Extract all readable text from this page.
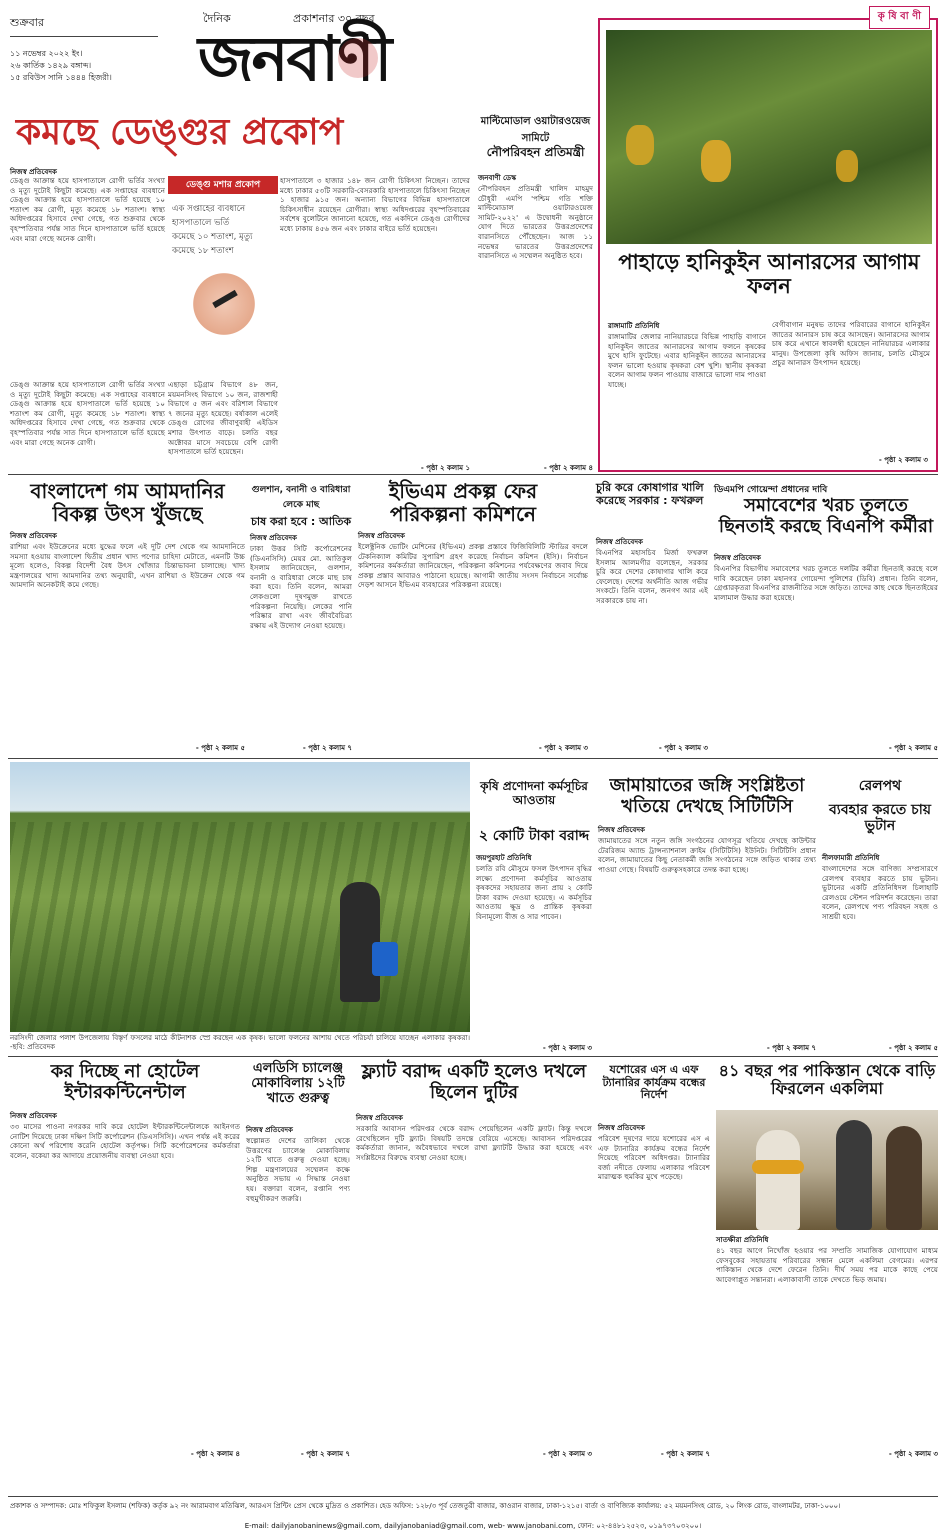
শুক্রবার
১১ নভেম্বর ২০২২ ইং।
২৬ কার্তিক ১৪২৯ বঙ্গাব্দ।
১৫ রবিউস সানি ১৪৪৪ হিজরী।
দৈনিক	প্রকাশনার ৩০ বছর
জনবাণী
কৃ ষি বা ণী
পাহাড়ে হানিকুইন আনারসের আগাম ফলন
রাঙ্গামাটি প্রতিনিধি
রাঙ্গামাটির জেলার নানিয়ারচরে বিভিন্ন পাহাড়ি বাগানে হানিকুইন জাতের আনারসের আগাম ফলনে কৃষকের মুখে হাসি ফুটেছে। এবার হানিকুইন জাতের আনারসের ফলন ভালো হওয়ায় কৃষকরা বেশ খুশি। স্থানীয় কৃষকরা বলেন আগাম ফলন পাওয়ায় বাজারে ভালো দাম পাওয়া যাচ্ছে।
বেগীবাগান মনুষভ তাদের পরিবারের বাগানে হানিকুইন জাতের আনারস চাষ করে আসছেন। আনারসের আগাম চাষ করে এখানে স্বাবলম্বী হয়েছেন নানিয়ারচর এলাকার মানুষ। উপজেলা কৃষি অফিস জানায়, চলতি মৌসুমে প্রচুর আনারস উৎপাদন হয়েছে।
- পৃষ্ঠা ২ কলাম ৩
কমছে ডেঙ্গুর প্রকোপ
নিজস্ব প্রতিবেদক
ডেঙ্গু আক্রান্ত হয়ে হাসপাতালে রোগী ভর্তির সংখ্যা ও মৃত্যু দুটোই কিছুটা কমেছে। এক সপ্তাহের ব্যবধানে ডেঙ্গু আক্রান্ত হয়ে হাসপাতালে ভর্তি হয়েছে ১০ শতাংশ কম রোগী, মৃত্যু কমেছে ১৮ শতাংশ। স্বাস্থ্য অধিদপ্তরের হিসাবে দেখা গেছে, গত শুক্রবার থেকে বৃহস্পতিবার পর্যন্ত সাত দিনে হাসপাতালে ভর্তি হয়েছে এবং মারা গেছে অনেক রোগী।
ডেঙ্গু মশার প্রকোপ
এক সপ্তাহের ব্যবধানে
হাসপাতালে ভর্তি
কমেছে ১০ শতাংশ, মৃত্যু
কমেছে ১৮ শতাংশ
হাসপাতালে ৩ হাজার ১৪৮ জন রোগী চিকিৎসা নিচ্ছেন। তাদের মধ্যে ঢাকার ৫৩টি সরকারি-বেসরকারি হাসপাতালে চিকিৎসা নিচ্ছেন ১ হাজার ৯১৫ জন। অন্যান্য বিভাগের বিভিন্ন হাসপাতালে চিকিৎসাধীন রয়েছেন রোগীরা। স্বাস্থ্য অধিদপ্তরের বৃহস্পতিবারের সর্বশেষ বুলেটিনে জানানো হয়েছে, গত একদিনে ডেঙ্গু রোগীদের মধ্যে ঢাকায় ৪৫৬ জন এবং ঢাকার বাইরে ভর্তি হয়েছেন।
এছাড়া চট্টগ্রাম বিভাগে ৪৮ জন, ময়মনসিংহ বিভাগে ১০ জন, রাজশাহী বিভাগে ৫ জন এবং বরিশাল বিভাগে ৭ জনের মৃত্যু হয়েছে। বর্ষাকাল এলেই ডেঙ্গু রোগের জীবাণুবাহী এইডিস মশার উৎপাত বাড়ে। চলতি বছর অক্টোবর মাসে সবচেয়ে বেশি রোগী হাসপাতালে ভর্তি হয়েছেন।
ডেঙ্গু আক্রান্ত হয়ে হাসপাতালে রোগী ভর্তির সংখ্যা ও মৃত্যু দুটোই কিছুটা কমেছে। এক সপ্তাহের ব্যবধানে ডেঙ্গু আক্রান্ত হয়ে হাসপাতালে ভর্তি হয়েছে ১০ শতাংশ কম রোগী, মৃত্যু কমেছে ১৮ শতাংশ। স্বাস্থ্য অধিদপ্তরের হিসাবে দেখা গেছে, গত শুক্রবার থেকে বৃহস্পতিবার পর্যন্ত সাত দিনে হাসপাতালে ভর্তি হয়েছে এবং মারা গেছে অনেক রোগী।
- পৃষ্ঠা ২ কলাম ১
মাল্টিমোডাল ওয়াটারওয়েজ সামিটে
নৌপরিবহন প্রতিমন্ত্রী
জনবাণী ডেস্ক
নৌপরিবহন প্রতিমন্ত্রী খালিদ মাহমুদ চৌধুরী এমপি 'পশ্চিম গতি শক্তি মাল্টিমোডাল ওয়াটারওয়েজ সামিট-২০২২' এ উদ্বোধনী অনুষ্ঠানে যোগ দিতে ভারতের উত্তরপ্রদেশের বারানসিতে পৌঁছেছেন। আজ ১১ নভেম্বর ভারতের উত্তরপ্রদেশের বারানসিতে এ সম্মেলন অনুষ্ঠিত হবে।
- পৃষ্ঠা ২ কলাম ৪
বাংলাদেশ গম আমদানির বিকল্প উৎস খুঁজছে
নিজস্ব প্রতিবেদক
রাশিয়া এবং ইউক্রেনের মধ্যে যুদ্ধের ফলে এই দুটি দেশ থেকে গম আমদানিতে সমস্যা হওয়ায় বাংলাদেশ দ্বিতীয় প্রধান খাদ্য পণ্যের চাহিদা মেটাতে, এমনটি উচ্চ মূল্যে হলেও, বিকল্প বিদেশী বৈধ উৎস খোঁজার চিন্তাভাবনা চালাচ্ছে। খাদ্য মন্ত্রণালয়ের খাদ্য আমদানির তথ্য অনুযায়ী, এখন রাশিয়া ও ইউক্রেন থেকে গম আমদানি অনেকটাই কমে গেছে।
- পৃষ্ঠা ২ কলাম ৫
গুলশান, বনানী ও বারিধারা লেকে মাছ
চাষ করা হবে : আতিক
নিজস্ব প্রতিবেদক
ঢাকা উত্তর সিটি কর্পোরেশনের (ডিএনসিসি) মেয়র মো. আতিকুল ইসলাম জানিয়েছেন, গুলশান, বনানী ও বারিধারা লেকে মাছ চাষ করা হবে। তিনি বলেন, আমরা লেকগুলো দূষণমুক্ত রাখতে পরিকল্পনা নিয়েছি। লেকের পানি পরিষ্কার রাখা এবং জীববৈচিত্র্য রক্ষায় এই উদ্যোগ নেওয়া হয়েছে।
- পৃষ্ঠা ২ কলাম ৭
ইভিএম প্রকল্প ফের পরিকল্পনা কমিশনে
নিজস্ব প্রতিবেদক
ইলেক্ট্রনিক ভোটিং মেশিনের (ইভিএম) প্রকল্প প্রস্তাবে ফিজিবিলিটি স্টাডির বদলে টেকনিক্যাল কমিটির সুপারিশ গ্রহণ করেছে নির্বাচন কমিশন (ইসি)। নির্বাচন কমিশনের কর্মকর্তারা জানিয়েছেন, পরিকল্পনা কমিশনের পর্যবেক্ষণের জবাব দিয়ে প্রকল্প প্রস্তাব আবারও পাঠানো হয়েছে। আগামী জাতীয় সংসদ নির্বাচনে সর্বোচ্চ দেড়শ আসনে ইভিএম ব্যবহারের পরিকল্পনা রয়েছে।
- পৃষ্ঠা ২ কলাম ৩
চুরি করে কোষাগার খালি করেছে সরকার : ফখরুল
নিজস্ব প্রতিবেদক
বিএনপির মহাসচিব মির্জা ফখরুল ইসলাম আলমগীর বলেছেন, সরকার চুরি করে দেশের কোষাগার খালি করে ফেলেছে। দেশের অর্থনীতি আজ গভীর সংকটে। তিনি বলেন, জনগণ আর এই সরকারকে চায় না।
- পৃষ্ঠা ২ কলাম ৩
ডিএমপি গোয়েন্দা প্রধানের দাবি
সমাবেশের খরচ তুলতে ছিনতাই করছে বিএনপি কর্মীরা
নিজস্ব প্রতিবেদক
বিএনপির বিভাগীয় সমাবেশের খরচ তুলতে দলটির কর্মীরা ছিনতাই করছে বলে দাবি করেছেন ঢাকা মহানগর গোয়েন্দা পুলিশের (ডিবি) প্রধান। তিনি বলেন, গ্রেপ্তারকৃতরা বিএনপির রাজনীতির সঙ্গে জড়িত। তাদের কাছ থেকে ছিনতাইয়ের মালামাল উদ্ধার করা হয়েছে।
- পৃষ্ঠা ২ কলাম ৫
নরসিংদী জেলার পলাশ উপজেলায় বিস্তৃর্ণ ফসলের মাঠে কীটনাশক স্প্রে করছেন এক কৃষক। ভালো ফলনের আশায় খেতে পরিচর্যা চালিয়ে যাচ্ছেন এলাকার কৃষকরা। -ছবি: প্রতিবেদক
কৃষি প্রণোদনা কর্মসূচির আওতায়
২ কোটি টাকা বরাদ্দ
জয়পুরহাট প্রতিনিধি
চলতি রবি মৌসুমে ফসল উৎপাদন বৃদ্ধির লক্ষ্যে প্রণোদনা কর্মসূচির আওতায় কৃষকদের সহায়তার জন্য প্রায় ২ কোটি টাকা বরাদ্দ দেওয়া হয়েছে। এ কর্মসূচির আওতায় ক্ষুদ্র ও প্রান্তিক কৃষকরা বিনামূল্যে বীজ ও সার পাবেন।
- পৃষ্ঠা ২ কলাম ৩
জামায়াতের জঙ্গি সংশ্লিষ্টতা খতিয়ে দেখছে সিটিটিসি
নিজস্ব প্রতিবেদক
জামায়াতের সঙ্গে নতুন জঙ্গি সংগঠনের যোগসূত্র খতিয়ে দেখছে কাউন্টার টেররিজম অ্যান্ড ট্রান্সন্যাশনাল ক্রাইম (সিটিটিসি) ইউনিট। সিটিটিসি প্রধান বলেন, জামায়াতের কিছু নেতাকর্মী জঙ্গি সংগঠনের সঙ্গে জড়িত থাকার তথ্য পাওয়া গেছে। বিষয়টি গুরুত্বসহকারে তদন্ত করা হচ্ছে।
- পৃষ্ঠা ২ কলাম ৭
রেলপথ
ব্যবহার করতে চায় ভুটান
নীলফামারী প্রতিনিধি
বাংলাদেশের সঙ্গে বাণিজ্য সম্প্রসারণে রেলপথ ব্যবহার করতে চায় ভুটান। ভুটানের একটি প্রতিনিধিদল চিলাহাটি রেলওয়ে স্টেশন পরিদর্শন করেছেন। তারা বলেন, রেলপথে পণ্য পরিবহন সহজ ও সাশ্রয়ী হবে।
- পৃষ্ঠা ২ কলাম ৫
কর দিচ্ছে না হোটেল ইন্টারকন্টিনেন্টাল
নিজস্ব প্রতিবেদক
৩৩ মাসের পাওনা নগরকর দাবি করে হোটেল ইন্টারকন্টিনেন্টালকে আইনগত নোটিশ দিয়েছে ঢাকা দক্ষিণ সিটি কর্পোরেশন (ডিএসসিসি)। এখন পর্যন্ত এই করের কোনো অর্থ পরিশোধ করেনি হোটেল কর্তৃপক্ষ। সিটি কর্পোরেশনের কর্মকর্তারা বলেন, বকেয়া কর আদায়ে প্রয়োজনীয় ব্যবস্থা নেওয়া হবে।
- পৃষ্ঠা ২ কলাম ৪
এলডিসি চ্যালেঞ্জ মোকাবিলায় ১২টি খাতে গুরুত্ব
নিজস্ব প্রতিবেদক
স্বল্পোন্নত দেশের তালিকা থেকে উত্তরণের চ্যালেঞ্জ মোকাবিলায় ১২টি খাতে গুরুত্ব দেওয়া হচ্ছে। শিল্প মন্ত্রণালয়ের সম্মেলন কক্ষে অনুষ্ঠিত সভায় এ সিদ্ধান্ত নেওয়া হয়। বক্তারা বলেন, রপ্তানি পণ্য বহুমুখীকরণ জরুরি।
- পৃষ্ঠা ২ কলাম ৭
ফ্ল্যাট বরাদ্দ একটি হলেও দখলে ছিলেন দুটির
নিজস্ব প্রতিবেদক
সরকারি আবাসন পরিদপ্তর থেকে বরাদ্দ পেয়েছিলেন একটি ফ্ল্যাট। কিন্তু দখলে রেখেছিলেন দুটি ফ্ল্যাট। বিষয়টি তদন্তে বেরিয়ে এসেছে। আবাসন পরিদপ্তরের কর্মকর্তারা জানান, অবৈধভাবে দখলে রাখা ফ্ল্যাটটি উদ্ধার করা হয়েছে এবং সংশ্লিষ্টদের বিরুদ্ধে ব্যবস্থা নেওয়া হচ্ছে।
- পৃষ্ঠা ২ কলাম ৩
যশোরের এস এ এফ ট্যানারির কার্যক্রম বন্ধের নির্দেশ
নিজস্ব প্রতিবেদক
পরিবেশ দূষণের দায়ে যশোরের এস এ এফ ট্যানারির কার্যক্রম বন্ধের নির্দেশ দিয়েছে পরিবেশ অধিদপ্তর। ট্যানারির বর্জ্য নদীতে ফেলায় এলাকার পরিবেশ মারাত্মক হুমকির মুখে পড়েছে।
- পৃষ্ঠা ২ কলাম ৭
৪১ বছর পর পাকিস্তান থেকে বাড়ি ফিরলেন একলিমা
সাতক্ষীরা প্রতিনিধি
৪১ বছর আগে নিখোঁজ হওয়ার পর সম্প্রতি সামাজিক যোগাযোগ মাধ্যম ফেসবুকের সহায়তায় পরিবারের সন্ধান মেলে একলিমা বেগমের। এরপর পাকিস্তান থেকে দেশে ফেরেন তিনি। দীর্ঘ সময় পর মাকে কাছে পেয়ে আবেগাপ্লুত সন্তানরা। এলাকাবাসী তাকে দেখতে ভিড় জমায়।
- পৃষ্ঠা ২ কলাম ৩
প্রকাশক ও সম্পাদক: মোঃ শফিকুল ইসলাম (শফিক) কর্তৃক ৯২ নং আরামবাগ মতিঝিল, আরএস প্রিন্টিং প্রেস থেকে মুদ্রিত ও প্রকাশিত। হেড অফিস: ১২৮/৩ পূর্ব তেজতুরী বাজার, কাওরান বাজার, ঢাকা-১২১৫। বার্তা ও বাণিজ্যিক কার্যালয়: ৫২ ময়মনসিংহ রোড, ২০ লিংক রোড, বাংলামটর, ঢাকা-১০০০।
E-mail: dailyjanobaninews@gmail.com, dailyjanobaniad@gmail.com, web- www.janobani.com, ফোন: ০২-৪৪৮১২৫২৩, ০১৯৭৩৭০৩২০০।
